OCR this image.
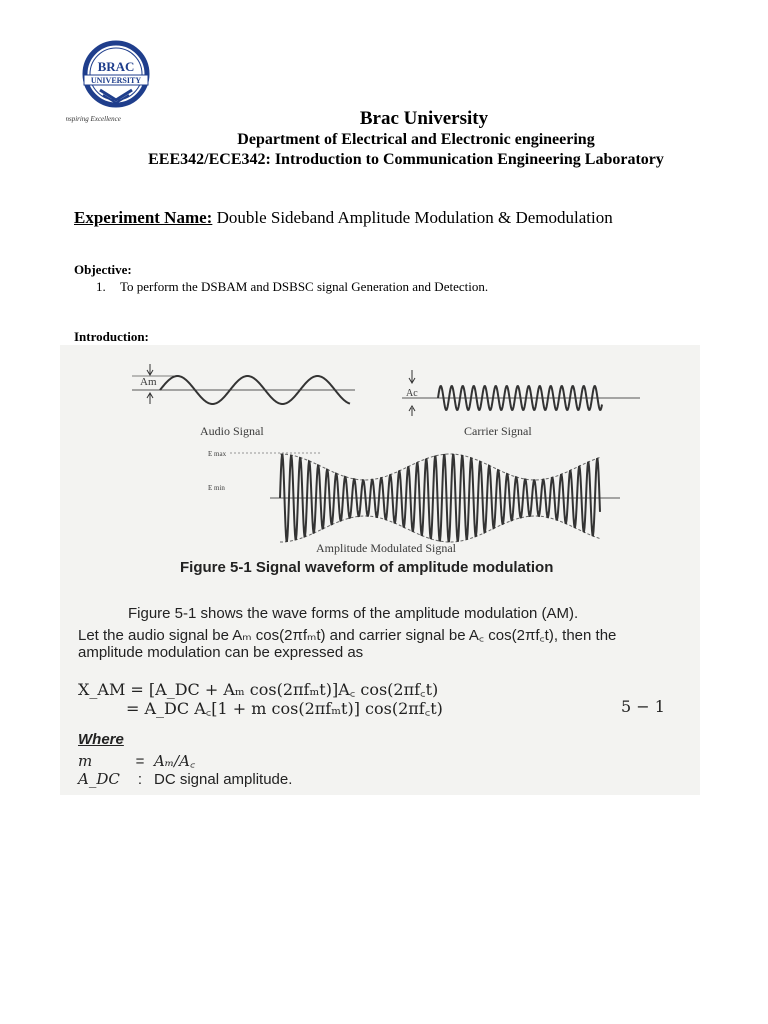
BRAC
UNIVERSITY
Inspiring Excellence	Brac University
Department of Electrical and Electronic engineering
EEE342/ECE342: Introduction to Communication Engineering Laboratory
Experiment Name: Double Sideband Amplitude Modulation & Demodulation
Objective:
1. To perform the DSBAM and DSBSC signal Generation and Detection.
Introduction:
Am
Audio Signal
Ac
Carrier Signal
E max
E min
Amplitude Modulated Signal
Figure 5-1 Signal waveform of amplitude modulation
Figure 5-1 shows the wave forms of the amplitude modulation (AM).
Let the audio signal be Aₘ cos(2πfₘt) and carrier signal be A꜀ cos(2πf꜀t), then the
amplitude modulation can be expressed as
X_AM = [A_DC + Aₘ cos(2πfₘt)]A꜀ cos(2πf꜀t)
= A_DC A꜀[1 + m cos(2πfₘt)] cos(2πf꜀t)	5 − 1
Where
m	= Aₘ/A꜀
A_DC : DC signal amplitude.
